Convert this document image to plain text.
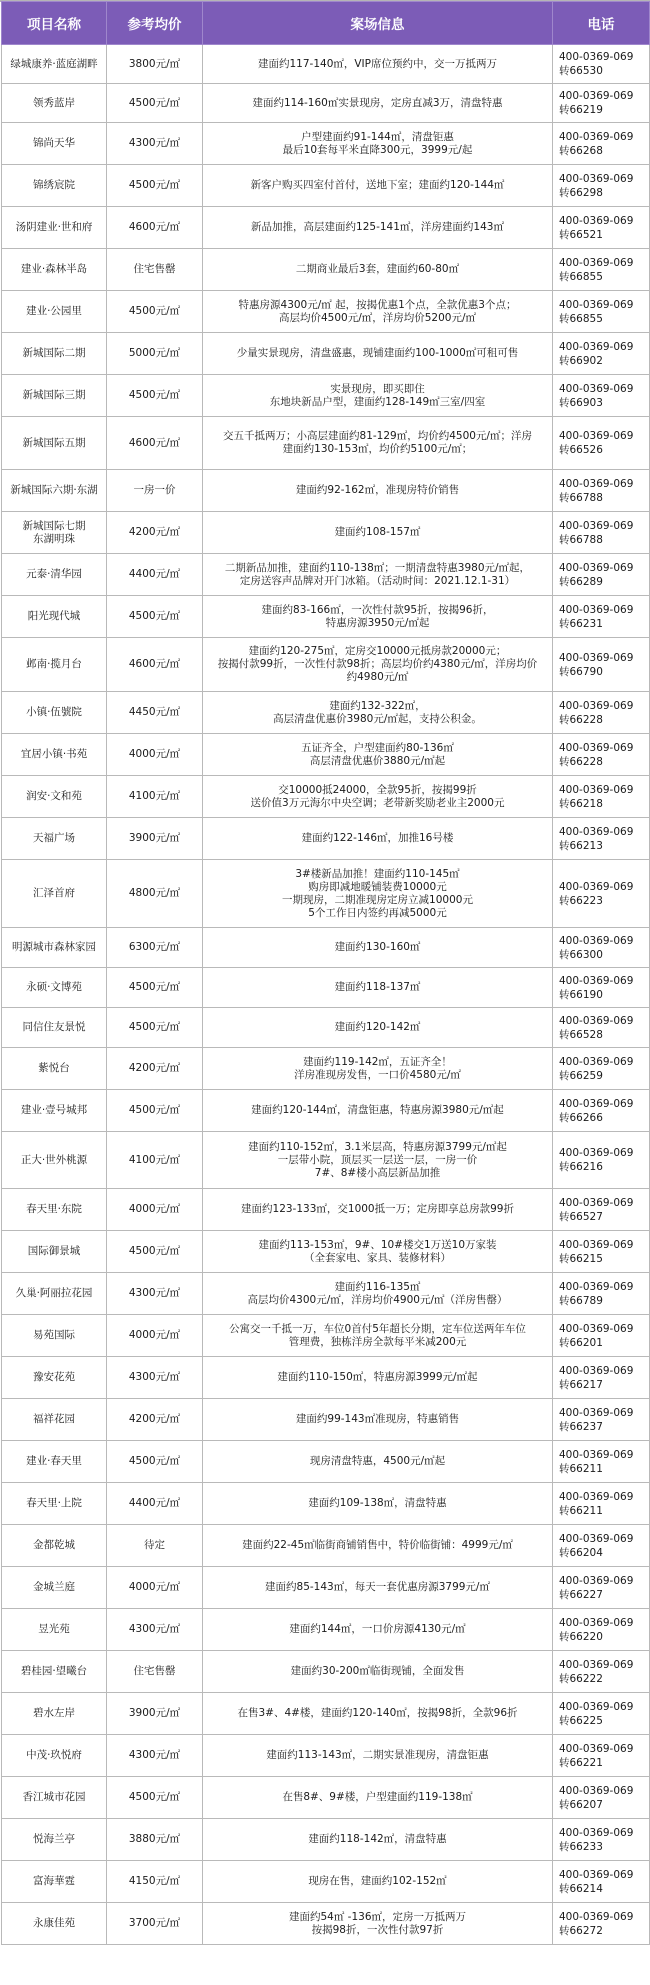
项目名称	参考均价	案场信息	电话
绿城康养·蓝庭湖畔	3800元/㎡	建面约117-140㎡，VIP席位预约中，交一万抵两万	400-0369-069
转66530
领秀蓝岸	4500元/㎡	建面约114-160㎡实景现房，定房直减3万，清盘特惠	400-0369-069
转66219
锦尚天华	4300元/㎡	户型建面约91-144㎡，清盘钜惠
最后10套每平米直降300元，3999元/起	400-0369-069
转66268
锦绣宸院	4500元/㎡	新客户购买四室付首付，送地下室；建面约120-144㎡	400-0369-069
转66298
汤阴建业·世和府	4600元/㎡	新品加推，高层建面约125-141㎡，洋房建面约143㎡	400-0369-069
转66521
建业·森林半岛	住宅售罄	二期商业最后3套，建面约60-80㎡	400-0369-069
转66855
建业·公园里	4500元/㎡	特惠房源4300元/㎡ 起，按揭优惠1个点，全款优惠3个点；
高层均价4500元/㎡，洋房均价5200元/㎡	400-0369-069
转66855
新城国际二期	5000元/㎡	少量实景现房，清盘盛惠，现铺建面约100-1000㎡可租可售	400-0369-069
转66902
新城国际三期	4500元/㎡	实景现房，即买即住
东地块新品户型，建面约128-149㎡三室/四室	400-0369-069
转66903
新城国际五期	4600元/㎡	交五千抵两万；小高层建面约81-129㎡，均价约4500元/㎡；洋房
建面约130-153㎡，均价约5100元/㎡；	400-0369-069
转66526
新城国际六期·东湖	一房一价	建面约92-162㎡，准现房特价销售	400-0369-069
转66788
新城国际七期
东湖明珠	4200元/㎡	建面约108-157㎡	400-0369-069
转66788
元泰·清华园	4400元/㎡	二期新品加推，建面约110-138㎡；一期清盘特惠3980元/㎡起，
定房送容声品牌对开门冰箱。（活动时间：2021.12.1-31）	400-0369-069
转66289
阳光现代城	4500元/㎡	建面约83-166㎡，一次性付款95折，按揭96折，
特惠房源3950元/㎡起	400-0369-069
转66231
邺南·揽月台	4600元/㎡	建面约120-275㎡，定房交10000元抵房款20000元；
按揭付款99折，一次性付款98折；高层均价约4380元/㎡，洋房均价
约4980元/㎡	400-0369-069
转66790
小镇·伍號院	4450元/㎡	建面约132-322㎡，
高层清盘优惠价3980元/㎡起，支持公积金。	400-0369-069
转66228
宜居小镇·书苑	4000元/㎡	五证齐全，户型建面约80-136㎡
高层清盘优惠价3880元/㎡起	400-0369-069
转66228
润安·文和苑	4100元/㎡	交10000抵24000，全款95折，按揭99折
送价值3万元海尔中央空调；老带新奖励老业主2000元	400-0369-069
转66218
天福广场	3900元/㎡	建面约122-146㎡，加推16号楼	400-0369-069
转66213
汇泽首府	4800元/㎡	3#楼新品加推！建面约110-145㎡
购房即减地暖铺装费10000元
一期现房，二期准现房定房立减10000元
5个工作日内签约再减5000元	400-0369-069
转66223
明源城市森林家园	6300元/㎡	建面约130-160㎡	400-0369-069
转66300
永硕·文博苑	4500元/㎡	建面约118-137㎡	400-0369-069
转66190
同信住友景悦	4500元/㎡	建面约120-142㎡	400-0369-069
转66528
紫悦台	4200元/㎡	建面约119-142㎡，五证齐全！
洋房准现房发售，一口价4580元/㎡	400-0369-069
转66259
建业·壹号城邦	4500元/㎡	建面约120-144㎡，清盘钜惠，特惠房源3980元/㎡起	400-0369-069
转66266
正大·世外桃源	4100元/㎡	建面约110-152㎡，3.1米层高，特惠房源3799元/㎡起
一层带小院，顶层买一层送一层，一房一价
7#、8#楼小高层新品加推	400-0369-069
转66216
春天里·东院	4000元/㎡	建面约123-133㎡，交1000抵一万；定房即享总房款99折	400-0369-069
转66527
国际御景城	4500元/㎡	建面约113-153㎡，9#、10#楼交1万送10万家装
（全套家电、家具、装修材料）	400-0369-069
转66215
久巢·阿丽拉花园	4300元/㎡	建面约116-135㎡
高层均价4300元/㎡，洋房均价4900元/㎡（洋房售罄）	400-0369-069
转66789
易苑国际	4000元/㎡	公寓交一千抵一万，车位0首付5年超长分期，定车位送两年车位
管理费，独栋洋房全款每平米减200元	400-0369-069
转66201
豫安花苑	4300元/㎡	建面约110-150㎡，特惠房源3999元/㎡起	400-0369-069
转66217
福祥花园	4200元/㎡	建面约99-143㎡准现房，特惠销售	400-0369-069
转66237
建业·春天里	4500元/㎡	现房清盘特惠，4500元/㎡起	400-0369-069
转66211
春天里·上院	4400元/㎡	建面约109-138㎡，清盘特惠	400-0369-069
转66211
金都乾城	待定	建面约22-45㎡临街商铺销售中，特价临街铺：4999元/㎡	400-0369-069
转66204
金城兰庭	4000元/㎡	建面约85-143㎡，每天一套优惠房源3799元/㎡	400-0369-069
转66227
昱光苑	4300元/㎡	建面约144㎡，一口价房源4130元/㎡	400-0369-069
转66220
碧桂园·望曦台	住宅售罄	建面约30-200㎡临街现铺，全面发售	400-0369-069
转66222
碧水左岸	3900元/㎡	在售3#、4#楼，建面约120-140㎡，按揭98折，全款96折	400-0369-069
转66225
中茂·玖悦府	4300元/㎡	建面约113-143㎡，二期实景准现房，清盘钜惠	400-0369-069
转66221
香江城市花园	4500元/㎡	在售8#、9#楼，户型建面约119-138㎡	400-0369-069
转66207
悦海兰亭	3880元/㎡	建面约118-142㎡，清盘特惠	400-0369-069
转66233
富海華霆	4150元/㎡	现房在售，建面约102-152㎡	400-0369-069
转66214
永康佳苑	3700元/㎡	建面约54㎡ -136㎡，定房一万抵两万
按揭98折，一次性付款97折	400-0369-069
转66272
